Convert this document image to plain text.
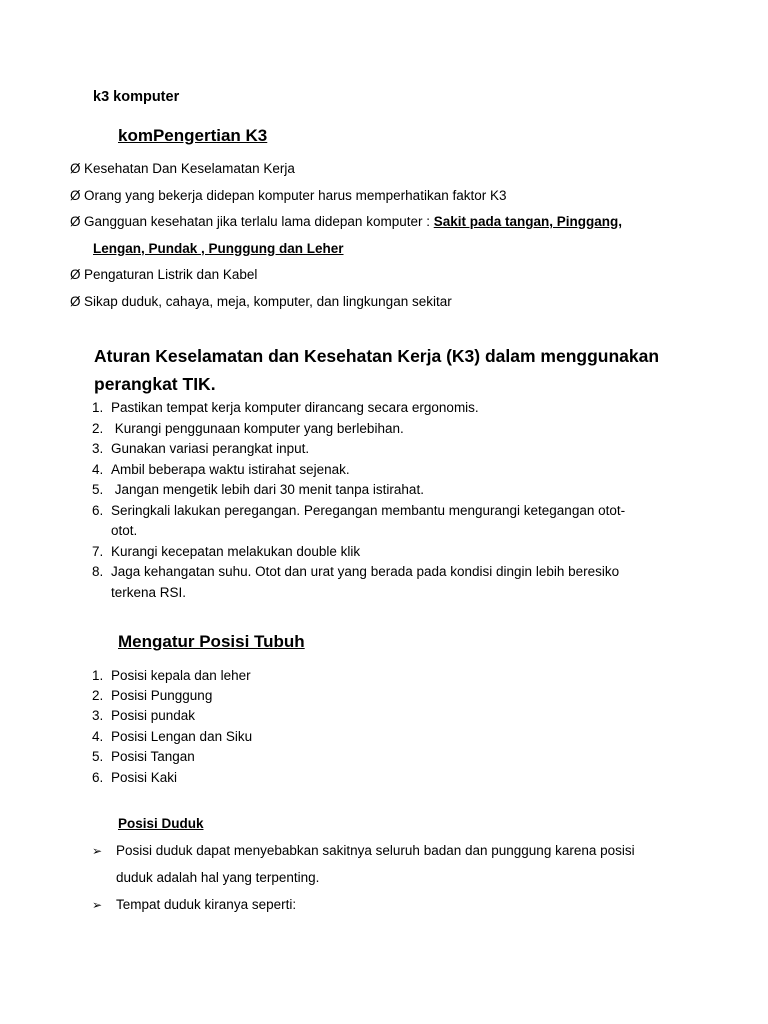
k3 komputer
komPengertian K3
Ø Kesehatan Dan Keselamatan Kerja
Ø Orang yang bekerja didepan komputer harus memperhatikan faktor K3
Ø Gangguan kesehatan jika terlalu lama didepan komputer : Sakit pada tangan, Pinggang,
Lengan, Pundak , Punggung dan Leher
Ø Pengaturan Listrik dan Kabel
Ø Sikap duduk, cahaya, meja, komputer, dan lingkungan sekitar
Aturan Keselamatan dan Kesehatan Kerja (K3) dalam menggunakan
perangkat TIK.
1. Pastikan tempat kerja komputer dirancang secara ergonomis.
2. Kurangi penggunaan komputer yang berlebihan.
3. Gunakan variasi perangkat input.
4. Ambil beberapa waktu istirahat sejenak.
5. Jangan mengetik lebih dari 30 menit tanpa istirahat.
6. Seringkali lakukan peregangan. Peregangan membantu mengurangi ketegangan otot-
otot.
7. Kurangi kecepatan melakukan double klik
8. Jaga kehangatan suhu. Otot dan urat yang berada pada kondisi dingin lebih beresiko
terkena RSI.
Mengatur Posisi Tubuh
1. Posisi kepala dan leher
2. Posisi Punggung
3. Posisi pundak
4. Posisi Lengan dan Siku
5. Posisi Tangan
6. Posisi Kaki
Posisi Duduk
➢ Posisi duduk dapat menyebabkan sakitnya seluruh badan dan punggung karena posisi
duduk adalah hal yang terpenting.
➢ Tempat duduk kiranya seperti:
